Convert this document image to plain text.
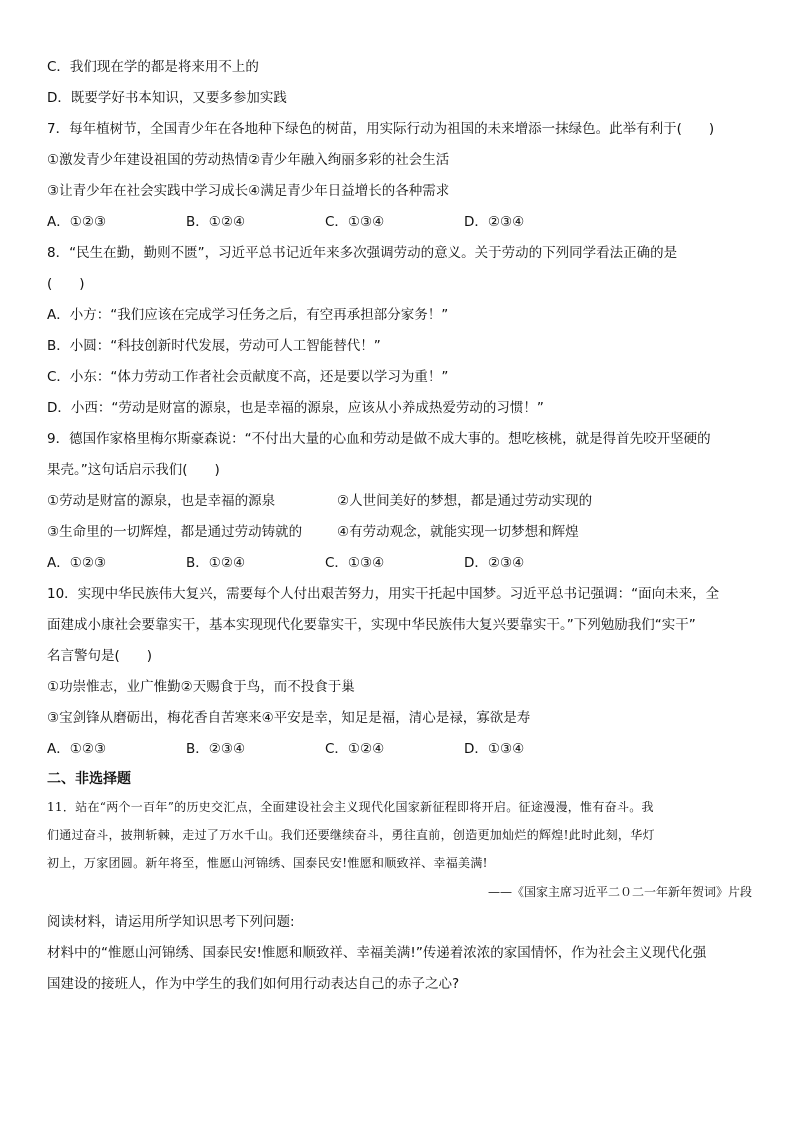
C．我们现在学的都是将来用不上的
D．既要学好书本知识，又要多参加实践
7．每年植树节，全国青少年在各地种下绿色的树苗，用实际行动为祖国的未来增添一抹绿色。此举有利于(　　)
①激发青少年建设祖国的劳动热情②青少年融入绚丽多彩的社会生活
③让青少年在社会实践中学习成长④满足青少年日益增长的各种需求
A．①②③	B．①②④	C．①③④	D．②③④
8．“民生在勤，勤则不匮”，习近平总书记近年来多次强调劳动的意义。关于劳动的下列同学看法正确的是
(　　)
A．小方：“我们应该在完成学习任务之后，有空再承担部分家务！”
B．小圆：“科技创新时代发展，劳动可人工智能替代！”
C．小东：“体力劳动工作者社会贡献度不高，还是要以学习为重！”
D．小西：“劳动是财富的源泉，也是幸福的源泉，应该从小养成热爱劳动的习惯！”
9．德国作家格里梅尔斯豪森说：“不付出大量的心血和劳动是做不成大事的。想吃核桃，就是得首先咬开坚硬的
果壳。”这句话启示我们(　　)
①劳动是财富的源泉，也是幸福的源泉	②人世间美好的梦想，都是通过劳动实现的
③生命里的一切辉煌，都是通过劳动铸就的	④有劳动观念，就能实现一切梦想和辉煌
A．①②③	B．①②④	C．①③④	D．②③④
10．实现中华民族伟大复兴，需要每个人付出艰苦努力，用实干托起中国梦。习近平总书记强调：“面向未来，全
面建成小康社会要靠实干，基本实现现代化要靠实干，实现中华民族伟大复兴要靠实干。”下列勉励我们“实干”
名言警句是(　　)
①功崇惟志，业广惟勤②天赐食于鸟，而不投食于巢
③宝剑锋从磨砺出，梅花香自苦寒来④平安是幸，知足是福，清心是禄，寡欲是寿
A．①②③	B．②③④	C．①②④	D．①③④
二、非选择题
11．站在“两个一百年”的历史交汇点，全面建设社会主义现代化国家新征程即将开启。征途漫漫，惟有奋斗。我
们通过奋斗，披荆斩棘，走过了万水千山。我们还要继续奋斗，勇往直前，创造更加灿烂的辉煌!此时此刻，华灯
初上，万家团圆。新年将至，惟愿山河锦绣、国泰民安!惟愿和顺致祥、幸福美满!
——《国家主席习近平二０二一年新年贺词》片段
阅读材料，请运用所学知识思考下列问题:
材料中的“惟愿山河锦绣、国泰民安!惟愿和顺致祥、幸福美满!”传递着浓浓的家国情怀，作为社会主义现代化强
国建设的接班人，作为中学生的我们如何用行动表达自己的赤子之心?
